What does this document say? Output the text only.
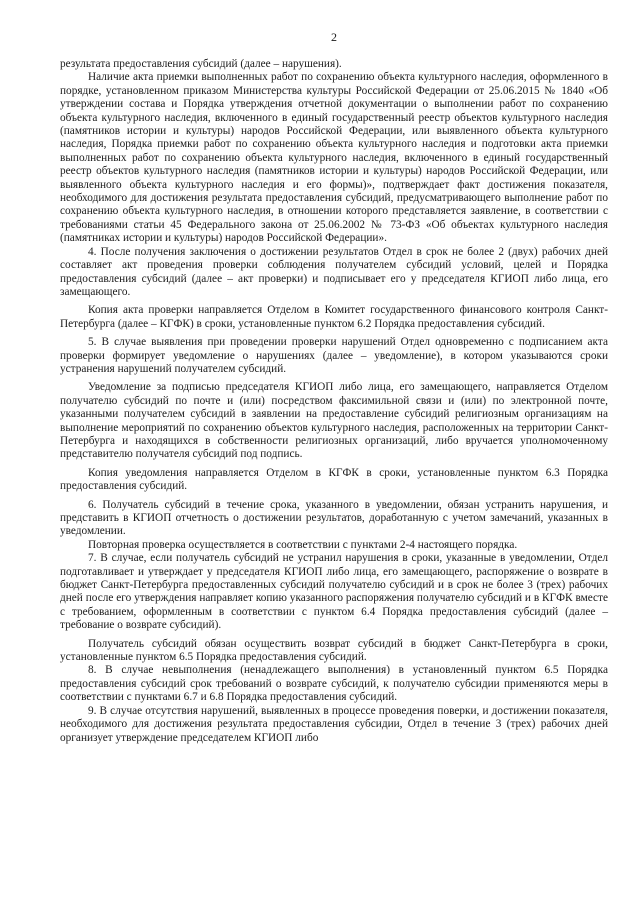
2

результата предоставления субсидий (далее – нарушения).

Наличие акта приемки выполненных работ по сохранению объекта культурного наследия, оформленного в порядке, установленном приказом Министерства культуры Российской Федерации от 25.06.2015 № 1840 «Об утверждении состава и Порядка утверждения отчетной документации о выполнении работ по сохранению объекта культурного наследия, включенного в единый государственный реестр объектов культурного наследия (памятников истории и культуры) народов Российской Федерации, или выявленного объекта культурного наследия, Порядка приемки работ по сохранению объекта культурного наследия и подготовки акта приемки выполненных работ по сохранению объекта культурного наследия, включенного в единый государственный реестр объектов культурного наследия (памятников истории и культуры) народов Российской Федерации, или выявленного объекта культурного наследия и его формы)», подтверждает факт достижения показателя, необходимого для достижения результата предоставления субсидий, предусматривающего выполнение работ по сохранению объекта культурного наследия, в отношении которого представляется заявление, в соответствии с требованиями статьи 45 Федерального закона от 25.06.2002 № 73-ФЗ «Об объектах культурного наследия (памятниках истории и культуры) народов Российской Федерации».

4. После получения заключения о достижении результатов Отдел в срок не более 2 (двух) рабочих дней составляет акт проведения проверки соблюдения получателем субсидий условий, целей и Порядка предоставления субсидий (далее – акт проверки) и подписывает его у председателя КГИОП либо лица, его замещающего.

Копия акта проверки направляется Отделом в Комитет государственного финансового контроля Санкт-Петербурга (далее – КГФК) в сроки, установленные пунктом 6.2 Порядка предоставления субсидий.

5. В случае выявления при проведении проверки нарушений Отдел одновременно с подписанием акта проверки формирует уведомление о нарушениях (далее – уведомление), в котором указываются сроки устранения нарушений получателем субсидий.

Уведомление за подписью председателя КГИОП либо лица, его замещающего, направляется Отделом получателю субсидий по почте и (или) посредством факсимильной связи и (или) по электронной почте, указанными получателем субсидий в заявлении на предоставление субсидий религиозным организациям на выполнение мероприятий по сохранению объектов культурного наследия, расположенных на территории Санкт-Петербурга и находящихся в собственности религиозных организаций, либо вручается уполномоченному представителю получателя субсидий под подпись.

Копия уведомления направляется Отделом в КГФК в сроки, установленные пунктом 6.3 Порядка предоставления субсидий.

6. Получатель субсидий в течение срока, указанного в уведомлении, обязан устранить нарушения, и представить в КГИОП отчетность о достижении результатов, доработанную с учетом замечаний, указанных в уведомлении.

Повторная проверка осуществляется в соответствии с пунктами 2-4 настоящего порядка.

7. В случае, если получатель субсидий не устранил нарушения в сроки, указанные в уведомлении, Отдел подготавливает и утверждает у председателя КГИОП либо лица, его замещающего, распоряжение о возврате в бюджет Санкт-Петербурга предоставленных субсидий получателю субсидий и в срок не более 3 (трех) рабочих дней после его утверждения направляет копию указанного распоряжения получателю субсидий и в КГФК вместе с требованием, оформленным в соответствии с пунктом 6.4 Порядка предоставления субсидий (далее – требование о возврате субсидий).

Получатель субсидий обязан осуществить возврат субсидий в бюджет Санкт-Петербурга в сроки, установленные пунктом 6.5 Порядка предоставления субсидий.

8. В случае невыполнения (ненадлежащего выполнения) в установленный пунктом 6.5 Порядка предоставления субсидий срок требований о возврате субсидий, к получателю субсидии применяются меры в соответствии с пунктами 6.7 и 6.8 Порядка предоставления субсидий.

9. В случае отсутствия нарушений, выявленных в процессе проведения поверки, и достижении показателя, необходимого для достижения результата предоставления субсидии, Отдел в течение 3 (трех) рабочих дней организует утверждение председателем КГИОП либо
